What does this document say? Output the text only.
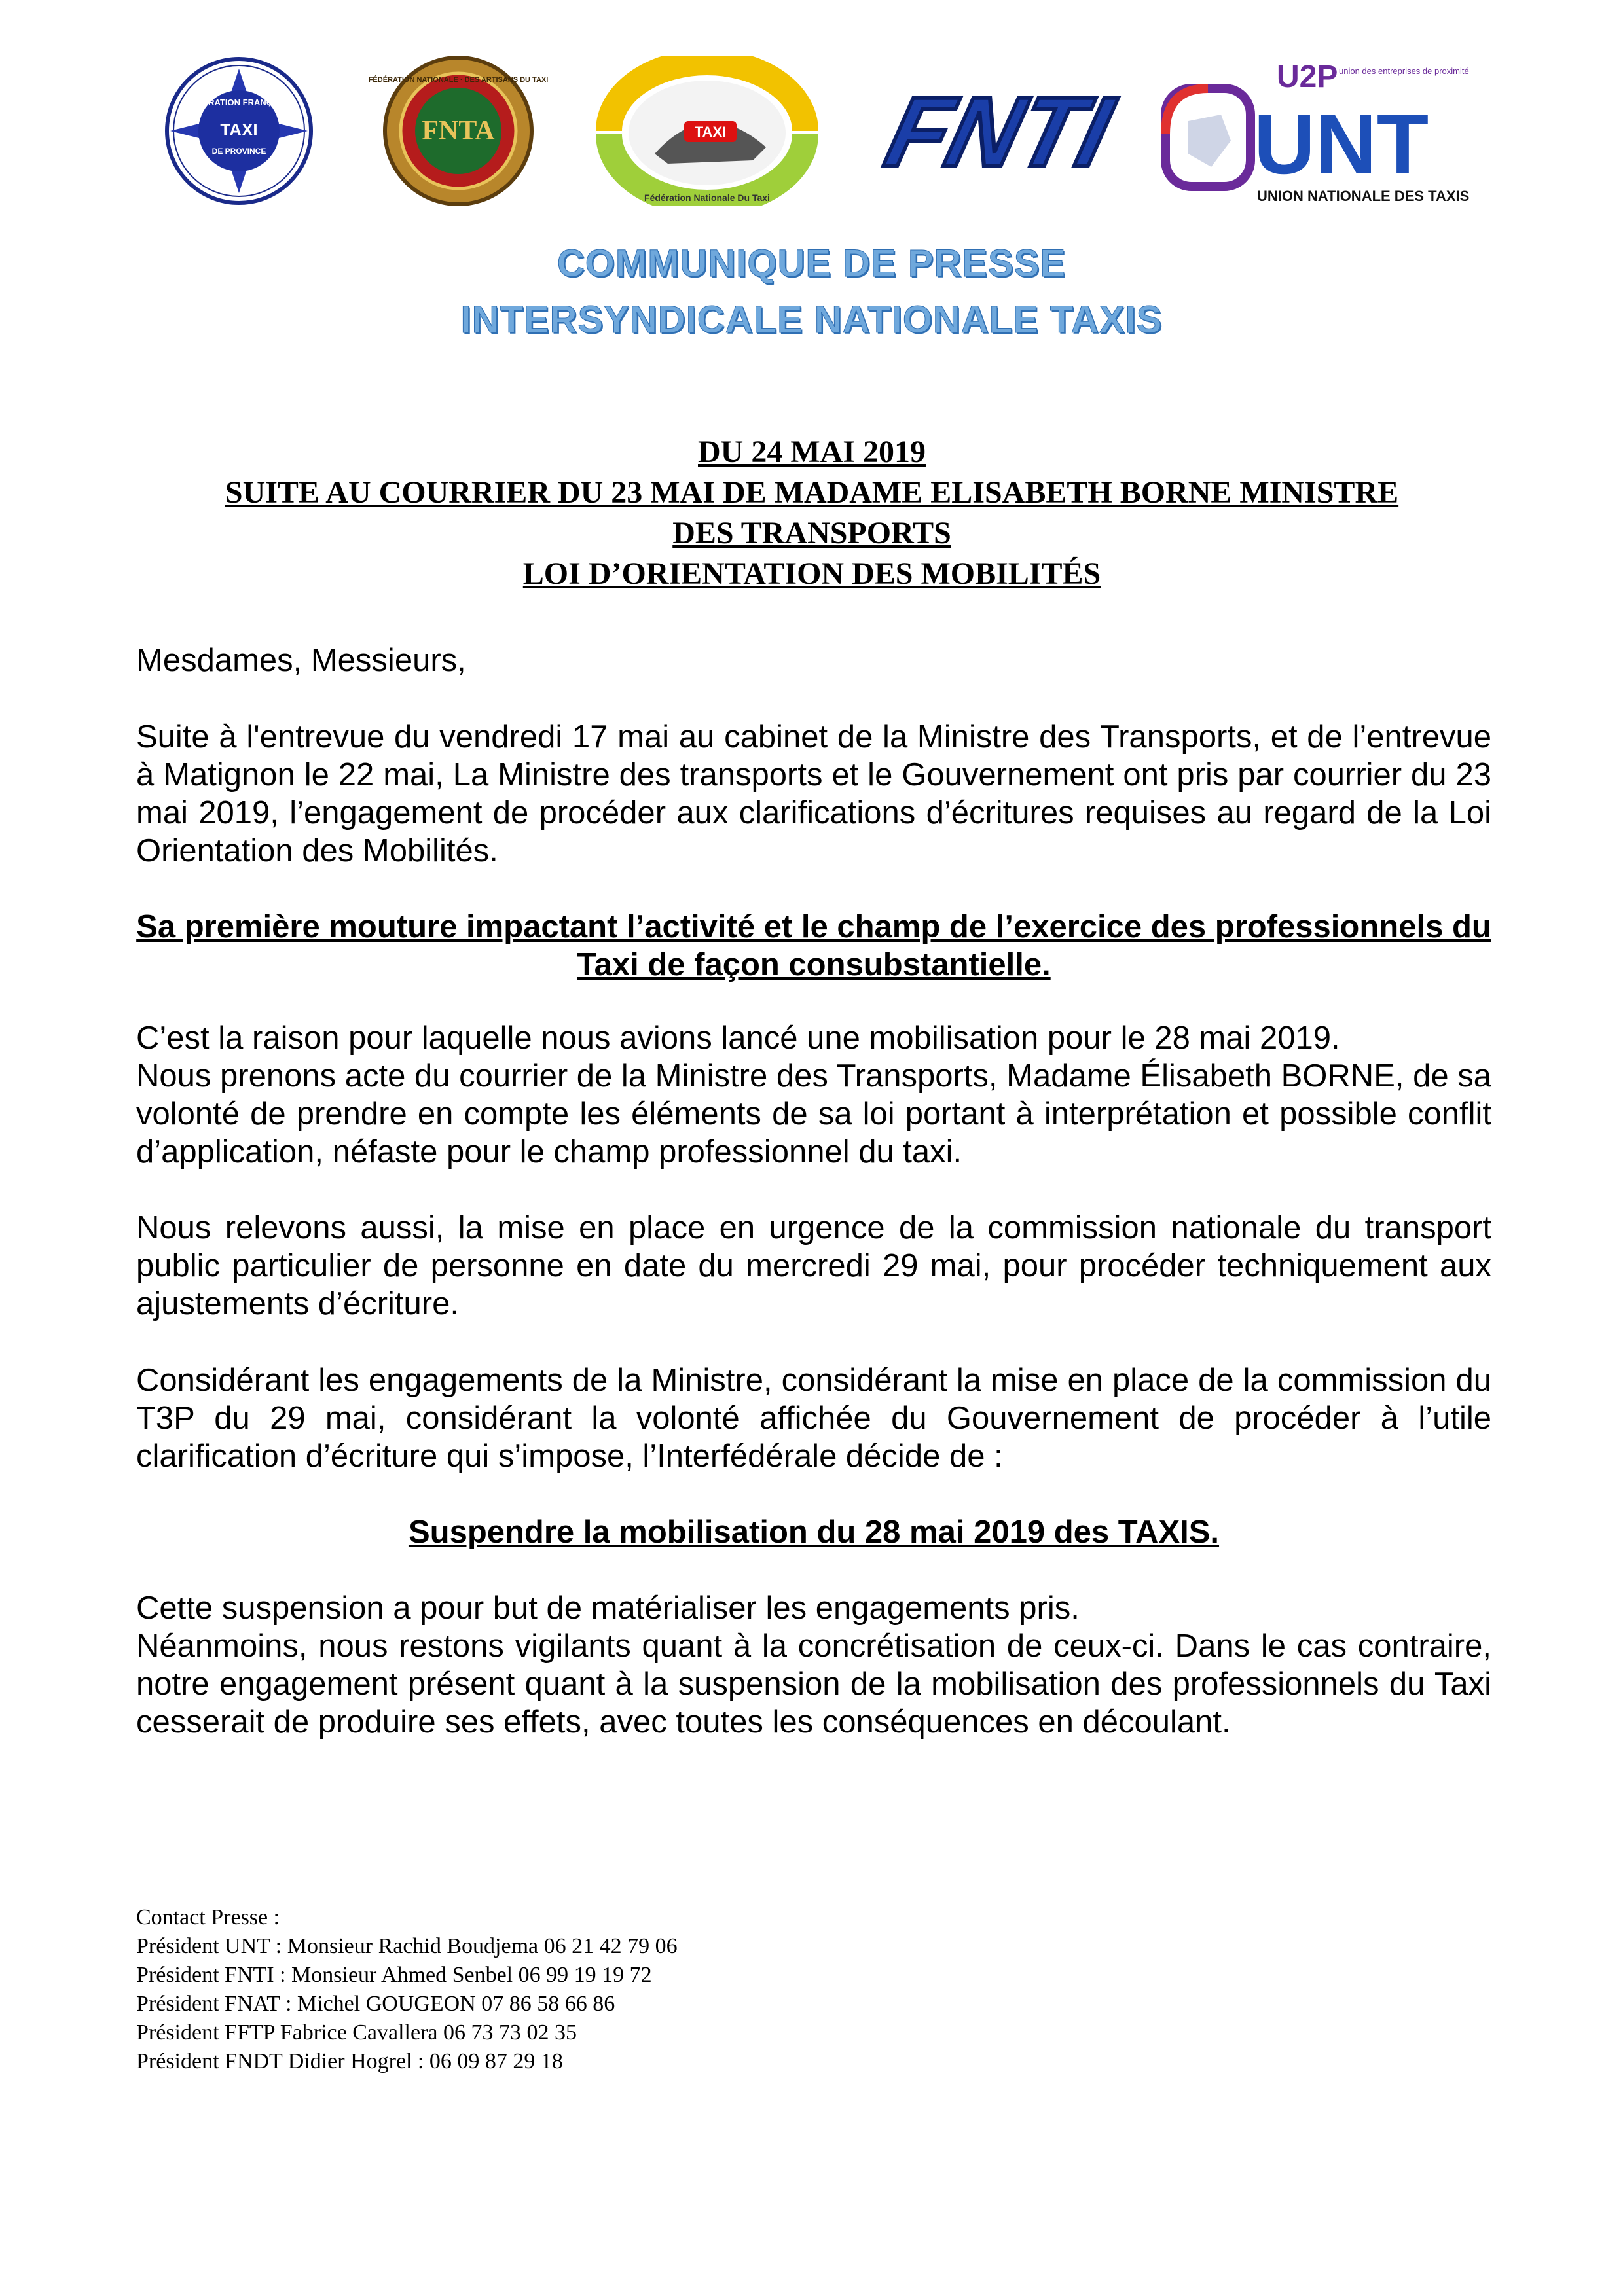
FÉDÉRATION FRANÇAISE
TAXI
DE PROVINCE
FNTA
FÉDÉRATION NATIONALE · DES ARTISANS DU TAXI
TAXI
Fédération Nationale Du Taxi
FNTI
U2P union des entreprises de proximité
UNT
UNION NATIONALE DES TAXIS
COMMUNIQUE DE PRESSE
INTERSYNDICALE NATIONALE TAXIS
DU 24 MAI 2019
SUITE AU COURRIER DU 23 MAI DE MADAME ELISABETH BORNE MINISTRE
DES TRANSPORTS
LOI D’ORIENTATION DES MOBILITÉS
Mesdames, Messieurs,
Suite à l'entrevue du vendredi 17 mai au cabinet de la Ministre des Transports, et de l’entrevue à Matignon le 22 mai, La Ministre des transports et le Gouvernement ont pris par courrier du 23 mai 2019, l’engagement de procéder aux clarifications d’écritures requises au regard de la Loi Orientation des Mobilités.
Sa première mouture impactant l’activité et le champ de l’exercice des professionnels du Taxi de façon consubstantielle.

C’est la raison pour laquelle nous avions lancé une mobilisation pour le 28 mai 2019.

Nous prenons acte du courrier de la Ministre des Transports, Madame Élisabeth BORNE, de sa volonté de prendre en compte les éléments de sa loi portant à interprétation et possible conflit d’application, néfaste pour le champ professionnel du taxi.

Nous relevons aussi, la mise en place en urgence de la commission nationale du transport public particulier de personne en date du mercredi 29 mai, pour procéder techniquement aux ajustements d’écriture.
Considérant les engagements de la Ministre, considérant la mise en place de la commission du T3P du 29 mai, considérant la volonté affichée du Gouvernement de procéder à l’utile clarification d’écriture qui s’impose, l’Interfédérale décide de :
Suspendre la mobilisation du 28 mai 2019 des TAXIS.

Cette suspension a pour but de matérialiser les engagements pris.

Néanmoins, nous restons vigilants quant à la concrétisation de ceux-ci. Dans le cas contraire, notre engagement présent quant à la suspension de la mobilisation des professionnels du Taxi cesserait de produire ses effets, avec toutes les conséquences en découlant.

Contact Presse :
Président UNT : Monsieur Rachid Boudjema 06 21 42 79 06
Président FNTI : Monsieur Ahmed Senbel 06 99 19 19 72
Président FNAT : Michel GOUGEON 07 86 58 66 86
Président FFTP Fabrice Cavallera 06 73 73 02 35
Président FNDT Didier Hogrel : 06 09 87 29 18
